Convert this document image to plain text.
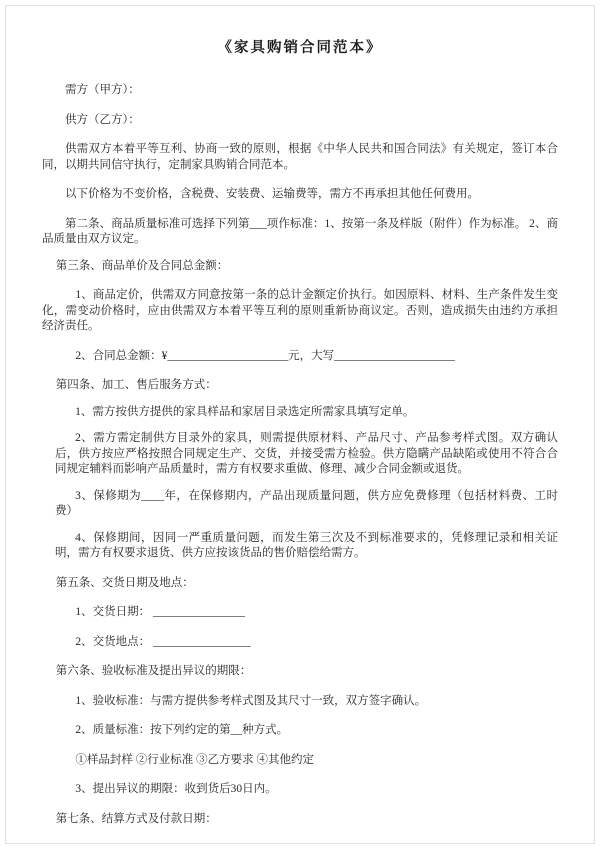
《家具购销合同范本》

需方（甲方）：

供方（乙方）：

供需双方本着平等互利、协商一致的原则，根据《中华人民共和国合同法》有关规定，签订本合同，以期共同信守执行，定制家具购销合同范本。

以下价格为不变价格，含税费、安装费、运输费等，需方不再承担其他任何费用。

第二条、商品质量标准可选择下列第___项作标准：1、按第一条及样版（附件）作为标准。 2、商品质量由双方议定。

第三条、商品单价及合同总金额：

1、商品定价，供需双方同意按第一条的总计金额定价执行。如因原料、材料、生产条件发生变化，需变动价格时，应由供需双方本着平等互利的原则重新协商议定。否则，造成损失由违约方承担经济责任。

2、合同总金额：¥_____________________元，大写_____________________

第四条、加工、售后服务方式：

1、需方按供方提供的家具样品和家居目录选定所需家具填写定单。

2、需方需定制供方目录外的家具，则需提供原材料、产品尺寸、产品参考样式图。双方确认后，供方按应严格按照合同规定生产、交货，并接受需方检验。供方隐瞒产品缺陷或使用不符合合同规定辅料而影响产品质量时，需方有权要求重做、修理、减少合同金额或退货。

3、保修期为____年，在保修期内，产品出现质量问题，供方应免费修理（包括材料费、工时费）

4、保修期间，因同一严重质量问题，而发生第三次及不到标准要求的，凭修理记录和相关证明，需方有权要求退货、供方应按该货品的售价赔偿给需方。

第五条、交货日期及地点：

1、交货日期： ________________

2、交货地点： _________________

第六条、验收标准及提出异议的期限：

1、验收标准：与需方提供参考样式图及其尺寸一致，双方签字确认。

2、质量标准：按下列约定的第__种方式。

①样品封样 ②行业标准 ③乙方要求 ④其他约定

3、提出异议的期限：收到货后30日内。

第七条、结算方式及付款日期：
